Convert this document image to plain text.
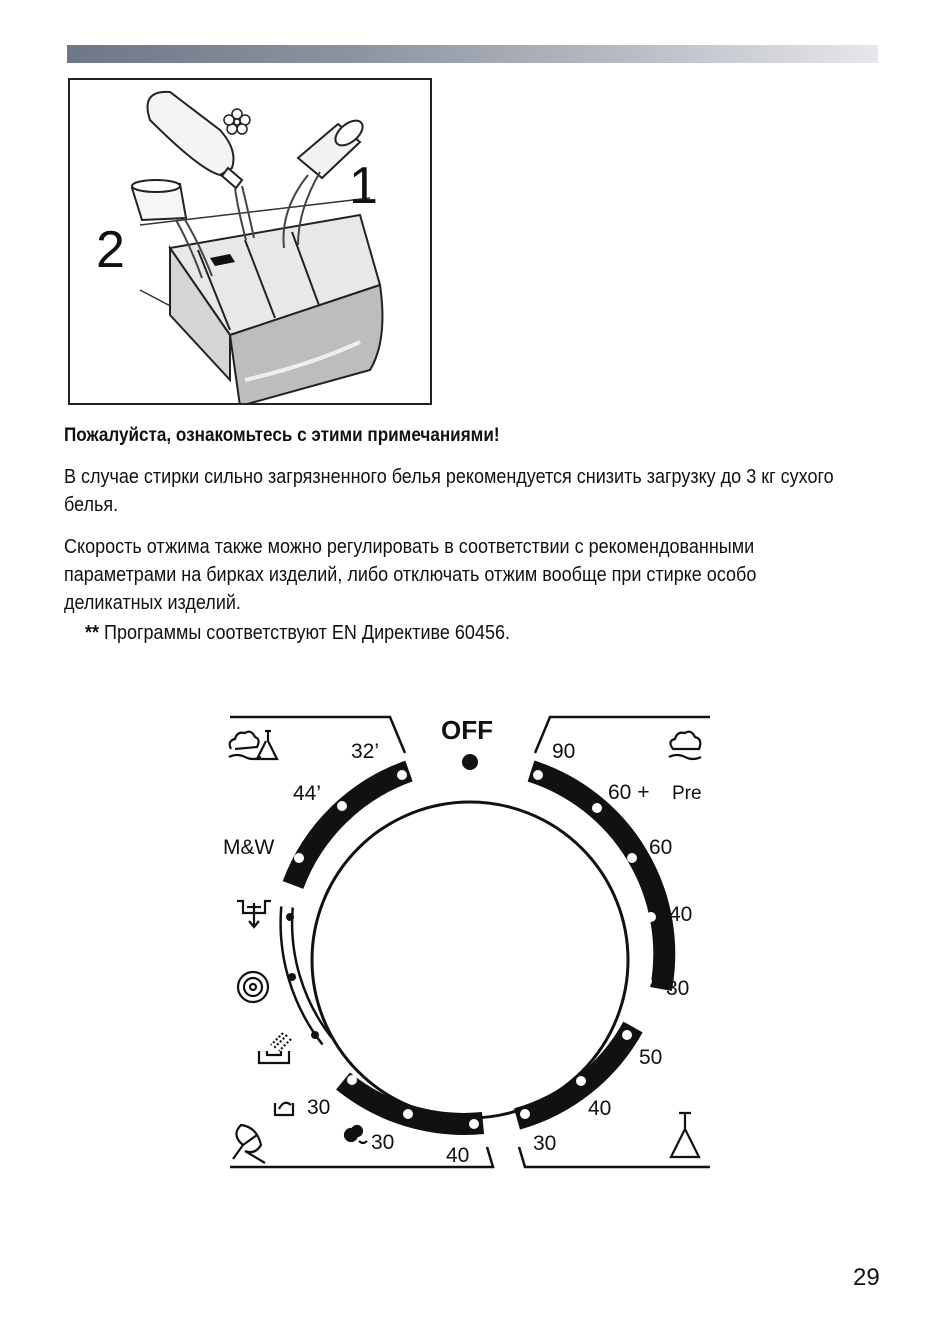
1
2
Пожалуйста, ознакомьтесь с этими примечаниями!
В случае стирки сильно загрязненного белья рекомендуется снизить загрузку до 3 кг сухого белья.
Скорость отжима также можно регулировать в соответствии с рекомендованными параметрами на бирках изделий, либо отключать отжим вообще при стирке особо деликатных изделий.
** Программы соответствуют EN Директиве 60456.
OFF
32’
44’
M&W
90
60 + Pre
60
40
30
50
40
30
30
30
40
29
